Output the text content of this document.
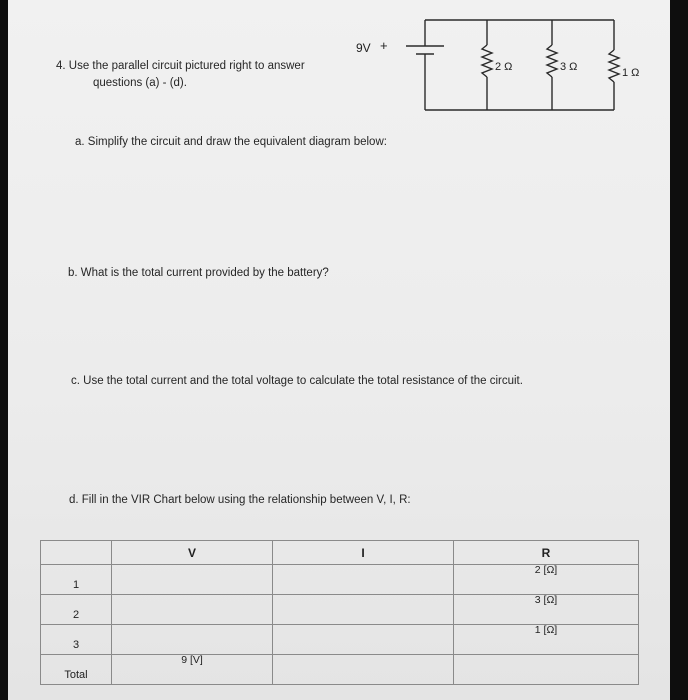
4. Use the parallel circuit pictured right to answer
questions (a) - (d).
9V +
2 Ω	3 Ω	1 Ω
a. Simplify the circuit and draw the equivalent diagram below:
b. What is the total current provided by the battery?
c. Use the total current and the total voltage to calculate the total resistance of the circuit.
d. Fill in the VIR Chart below using the relationship between V, I, R:
	V	I	R

1			2 [Ω]

2			3 [Ω]

3			1 [Ω]

Total	9 [V]		
